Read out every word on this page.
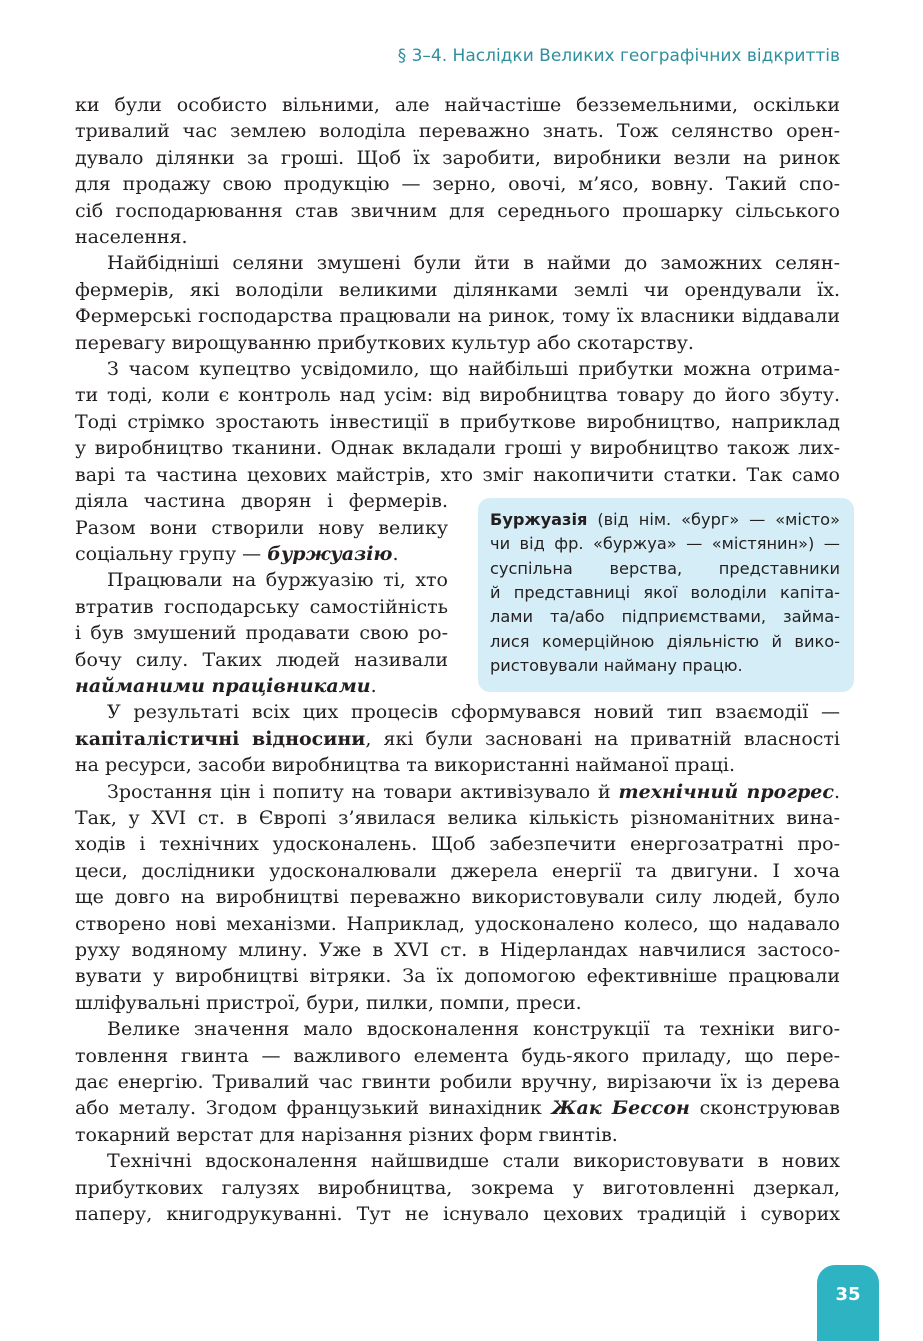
§ 3–4. Наслідки Великих географічних відкриттів
ки були особисто вільними, але найчастіше безземельними, оскільки
тривалий час землею володіла переважно знать. Тож селянство орен-
дувало ділянки за гроші. Щоб їх заробити, виробники везли на ринок
для продажу свою продукцію — зерно, овочі, м’ясо, вовну. Такий спо-
сіб господарювання став звичним для середнього прошарку сільського
населення.
Найбідніші селяни змушені були йти в найми до заможних селян-
фермерів, які володіли великими ділянками землі чи орендували їх.
Фермерські господарства працювали на ринок, тому їх власники віддавали
перевагу вирощуванню прибуткових культур або скотарству.
З часом купецтво усвідомило, що найбільші прибутки можна отрима-
ти тоді, коли є контроль над усім: від виробництва товару до його збуту.
Тоді стрімко зростають інвестиції в прибуткове виробництво, наприклад
у виробництво тканини. Однак вкладали гроші у виробництво також лих-
варі та частина цехових майстрів, хто зміг накопичити статки. Так само
діяла частина дворян і фермерів.
Разом вони створили нову велику
соціальну групу — буржуазію.
Працювали на буржуазію ті, хто
втратив господарську самостійність
і був змушений продавати свою ро-
бочу силу. Таких людей називали
найманими працівниками.
Буржуазія (від нім. «бург» — «місто»
чи від фр. «буржуа» — «містянин») —
суспільна верства, представники
й представниці якої володіли капіта-
лами та/або підприємствами, займа-
лися комерційною діяльністю й вико-
ристовували найману працю.
У результаті всіх цих процесів сформувався новий тип взаємодії —
капіталістичні відносини, які були засновані на приватній власності
на ресурси, засоби виробництва та використанні найманої праці.
Зростання цін і попиту на товари активізувало й технічний прогрес.
Так, у XVI ст. в Європі з’явилася велика кількість різноманітних вина-
ходів і технічних удосконалень. Щоб забезпечити енергозатратні про-
цеси, дослідники удосконалювали джерела енергії та двигуни. І хоча
ще довго на виробництві переважно використовували силу людей, було
створено нові механізми. Наприклад, удосконалено колесо, що надавало
руху водяному млину. Уже в XVI ст. в Нідерландах навчилися застосо-
вувати у виробництві вітряки. За їх допомогою ефективніше працювали
шліфувальні пристрої, бури, пилки, помпи, преси.
Велике значення мало вдосконалення конструкції та техніки виго-
товлення гвинта — важливого елемента будь-якого приладу, що пере-
дає енергію. Тривалий час гвинти робили вручну, вирізаючи їх із дерева
або металу. Згодом французький винахідник Жак Бессон сконструював
токарний верстат для нарізання різних форм гвинтів.
Технічні вдосконалення найшвидше стали використовувати в нових
прибуткових галузях виробництва, зокрема у виготовленні дзеркал,
паперу, книгодрукуванні. Тут не існувало цехових традицій і суворих
35
